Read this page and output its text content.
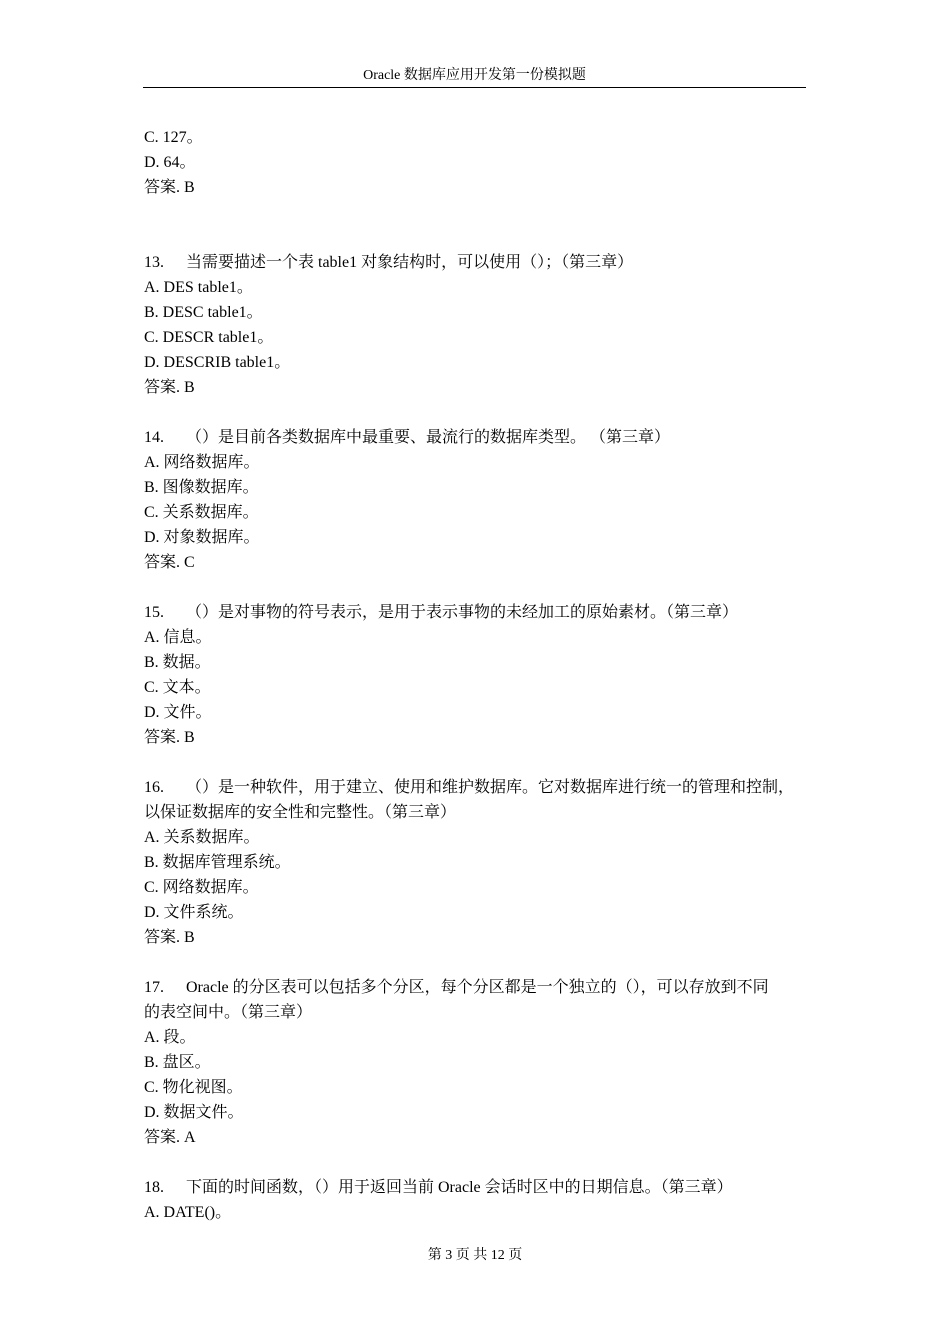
Oracle 数据库应用开发第一份模拟题
C. 127。
D. 64。
答案. B
13. 当需要描述一个表 table1 对象结构时，可以使用（）；（第三章）
A. DES table1。
B. DESC table1。
C. DESCR table1。
D. DESCRIB table1。
答案. B
14. （）是目前各类数据库中最重要、最流行的数据库类型。 （第三章）
A. 网络数据库。
B. 图像数据库。
C. 关系数据库。
D. 对象数据库。
答案. C
15. （）是对事物的符号表示，是用于表示事物的未经加工的原始素材。（第三章）
A. 信息。
B. 数据。
C. 文本。
D. 文件。
答案. B
16. （）是一种软件，用于建立、使用和维护数据库。它对数据库进行统一的管理和控制，
以保证数据库的安全性和完整性。（第三章）
A. 关系数据库。
B. 数据库管理系统。
C. 网络数据库。
D. 文件系统。
答案. B
17. Oracle 的分区表可以包括多个分区，每个分区都是一个独立的（），可以存放到不同
的表空间中。（第三章）
A. 段。
B. 盘区。
C. 物化视图。
D. 数据文件。
答案. A
18. 下面的时间函数，（）用于返回当前 Oracle 会话时区中的日期信息。（第三章）
A. DATE()。
第 3 页 共 12 页
